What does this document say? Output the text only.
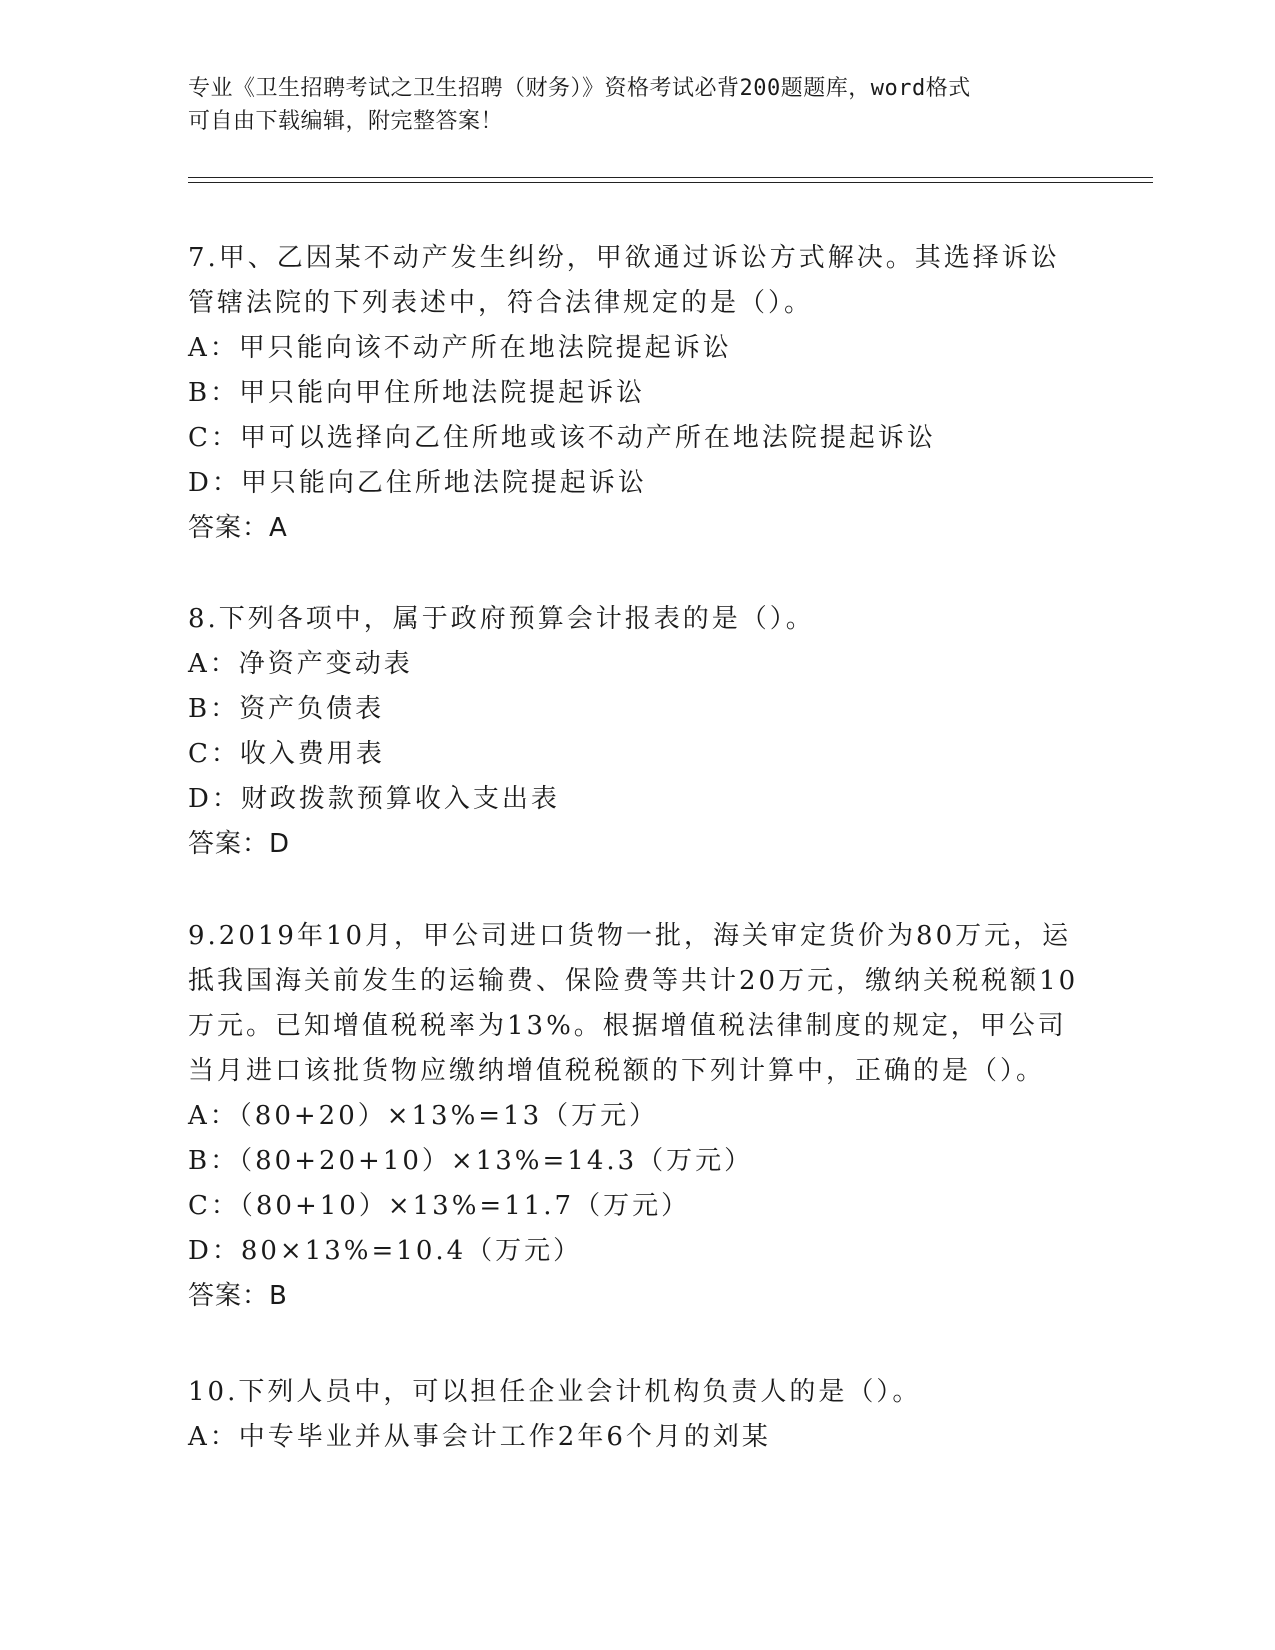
专业《卫生招聘考试之卫生招聘（财务）》资格考试必背200题题库，word格式
可自由下载编辑，附完整答案！
7.甲、乙因某不动产发生纠纷，甲欲通过诉讼方式解决。其选择诉讼
管辖法院的下列表述中，符合法律规定的是（）。
A：甲只能向该不动产所在地法院提起诉讼
B：甲只能向甲住所地法院提起诉讼
C：甲可以选择向乙住所地或该不动产所在地法院提起诉讼
D：甲只能向乙住所地法院提起诉讼
答案：A
8.下列各项中，属于政府预算会计报表的是（）。
A：净资产变动表
B：资产负债表
C：收入费用表
D：财政拨款预算收入支出表
答案：D
9.2019年10月，甲公司进口货物一批，海关审定货价为80万元，运
抵我国海关前发生的运输费、保险费等共计20万元，缴纳关税税额10
万元。已知增值税税率为13%。根据增值税法律制度的规定，甲公司
当月进口该批货物应缴纳增值税税额的下列计算中，正确的是（）。
A：（80+20）×13%=13（万元）
B：（80+20+10）×13%=14.3（万元）
C：（80+10）×13%=11.7（万元）
D：80×13%=10.4（万元）
答案：B
10.下列人员中，可以担任企业会计机构负责人的是（）。
A：中专毕业并从事会计工作2年6个月的刘某
